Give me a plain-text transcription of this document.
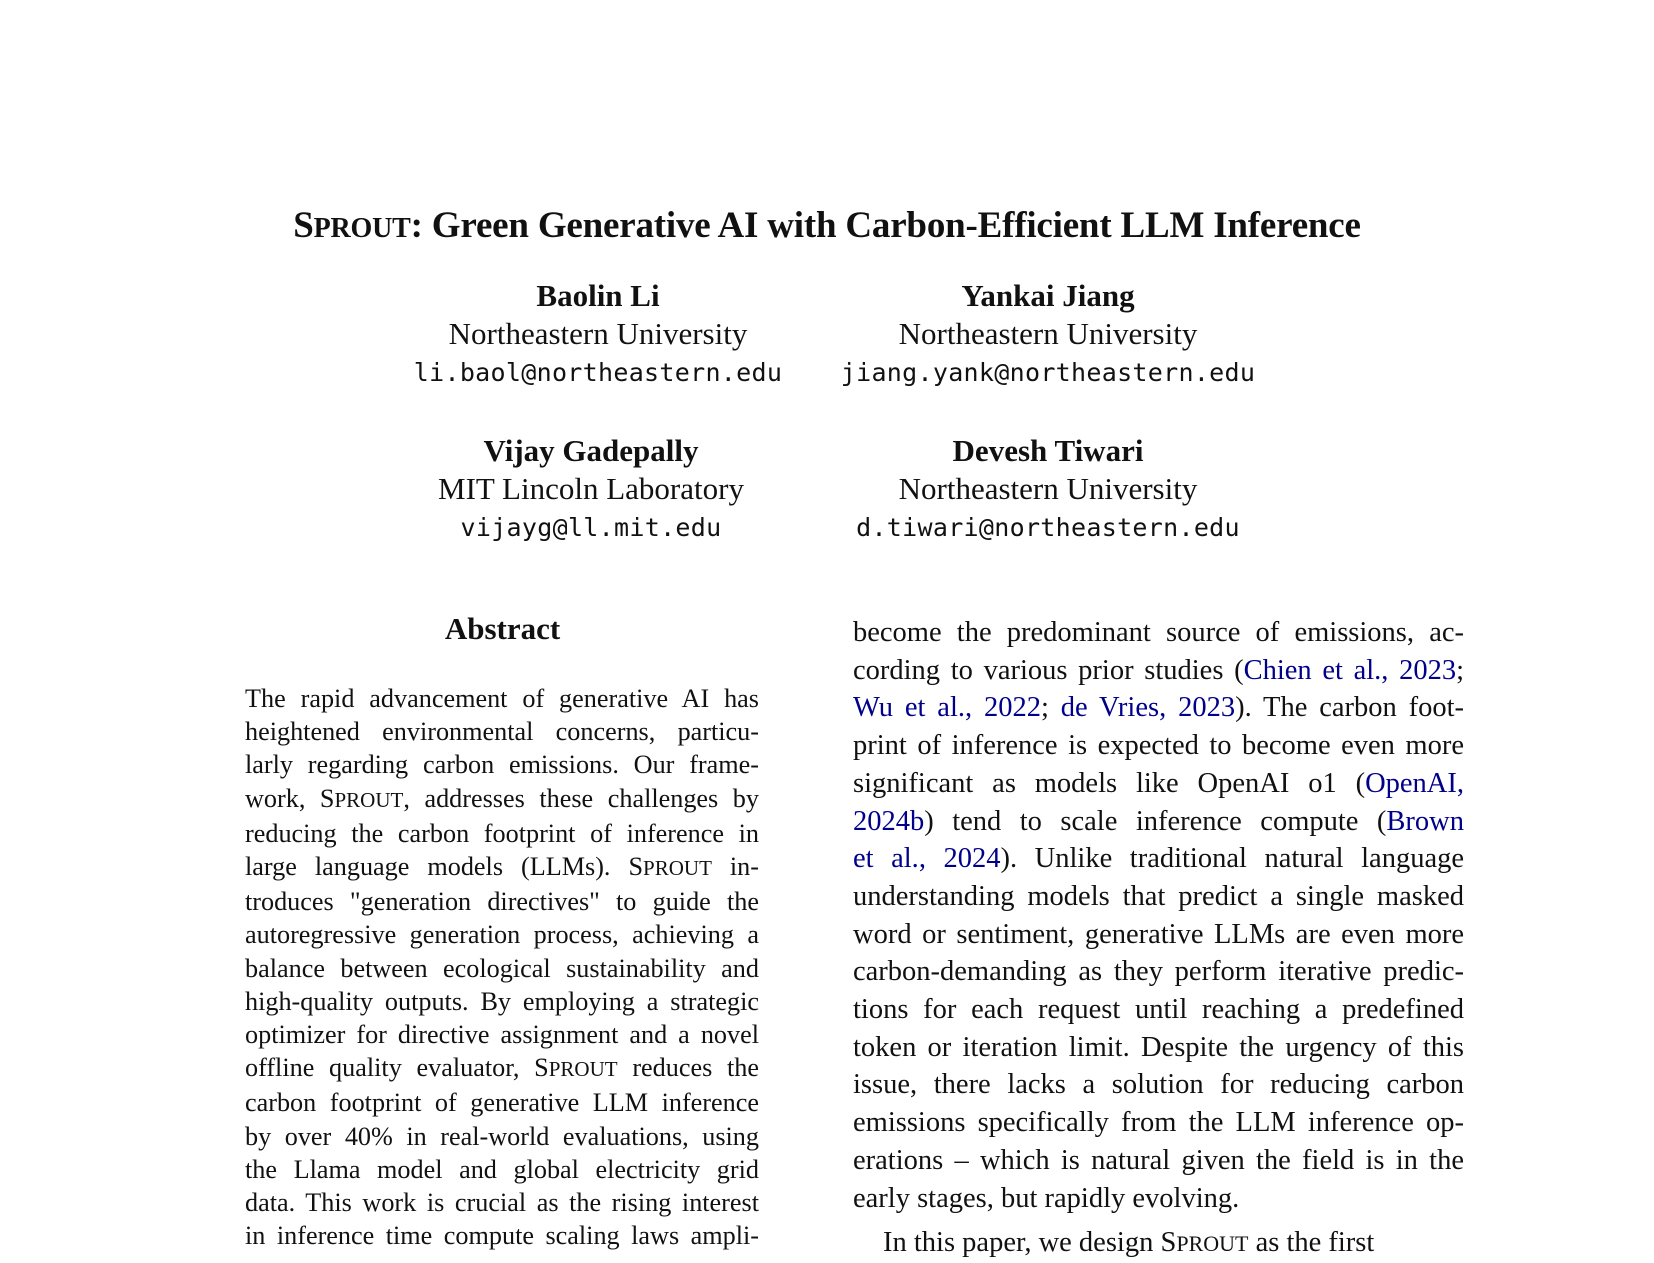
SPROUT: Green Generative AI with Carbon-Efficient LLM Inference
Baolin Li
Northeastern University
li.baol@northeastern.edu
Yankai Jiang
Northeastern University
jiang.yank@northeastern.edu
Vijay Gadepally
MIT Lincoln Laboratory
vijayg@ll.mit.edu
Devesh Tiwari
Northeastern University
d.tiwari@northeastern.edu
Abstract
The rapid advancement of generative AI has
heightened environmental concerns, particu-
larly regarding carbon emissions. Our frame-
work, SPROUT, addresses these challenges by
reducing the carbon footprint of inference in
large language models (LLMs). SPROUT in-
troduces "generation directives" to guide the
autoregressive generation process, achieving a
balance between ecological sustainability and
high-quality outputs. By employing a strategic
optimizer for directive assignment and a novel
offline quality evaluator, SPROUT reduces the
carbon footprint of generative LLM inference
by over 40% in real-world evaluations, using
the Llama model and global electricity grid
data. This work is crucial as the rising interest
in inference time compute scaling laws ampli-
become the predominant source of emissions, ac-
cording to various prior studies (Chien et al., 2023;
Wu et al., 2022; de Vries, 2023). The carbon foot-
print of inference is expected to become even more
significant as models like OpenAI o1 (OpenAI,
2024b) tend to scale inference compute (Brown
et al., 2024). Unlike traditional natural language
understanding models that predict a single masked
word or sentiment, generative LLMs are even more
carbon-demanding as they perform iterative predic-
tions for each request until reaching a predefined
token or iteration limit. Despite the urgency of this
issue, there lacks a solution for reducing carbon
emissions specifically from the LLM inference op-
erations – which is natural given the field is in the
early stages, but rapidly evolving.
In this paper, we design SPROUT as the first
